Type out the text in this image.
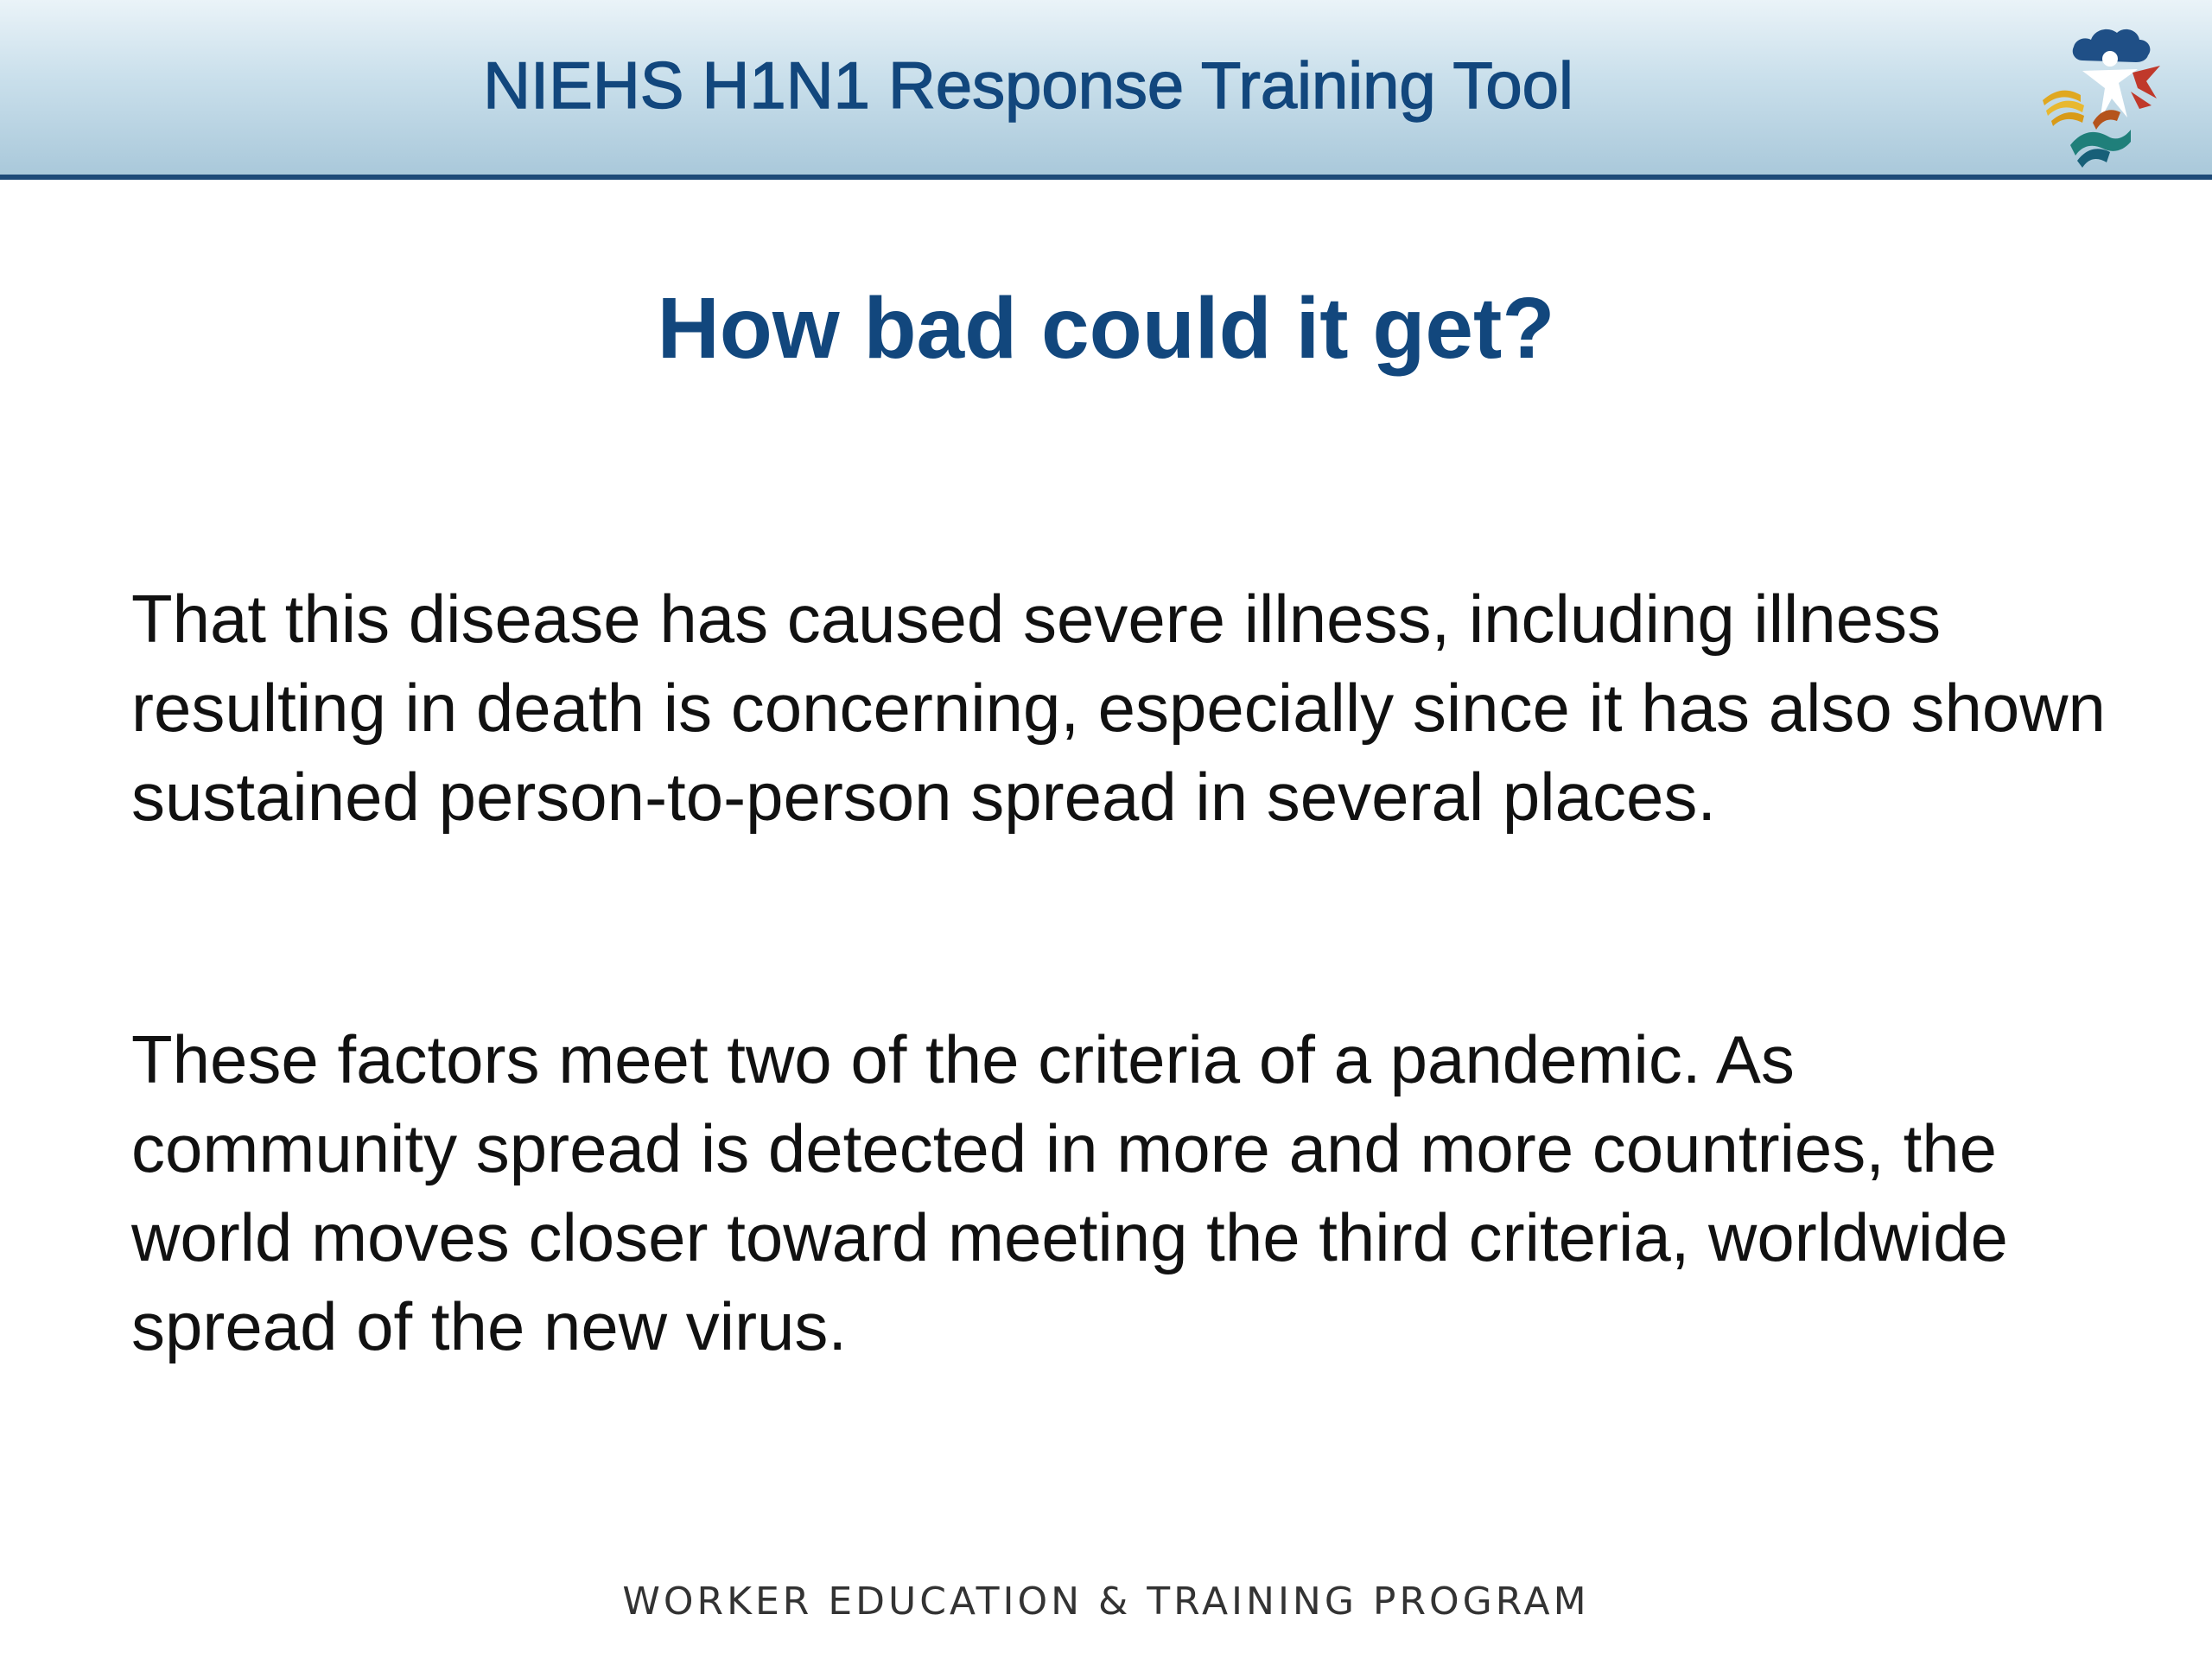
NIEHS H1N1 Response Training Tool
How bad could it get?

That this disease has caused severe illness, including illness resulting in death is concerning, especially since it has also shown sustained person-to-person spread in several places.

These factors meet two of the criteria of a pandemic. As community spread is detected in more and more countries, the world moves closer toward meeting the third criteria, worldwide spread of the new virus.

WORKER EDUCATION & TRAINING PROGRAM
